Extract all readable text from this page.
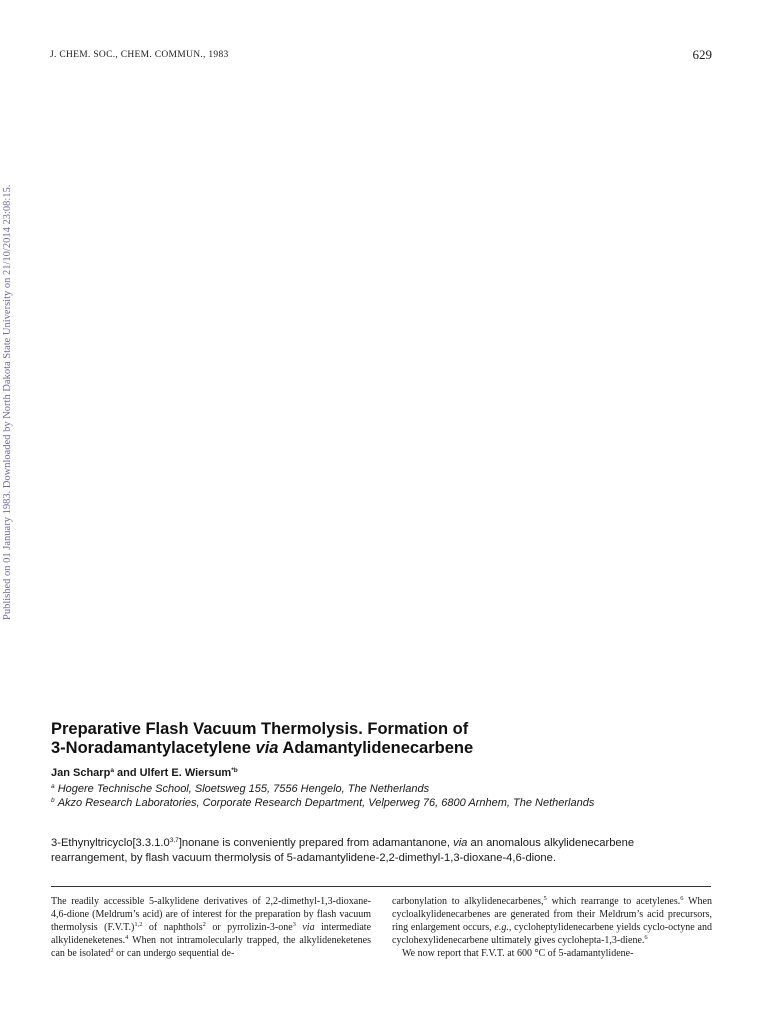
J. CHEM. SOC., CHEM. COMMUN., 1983	629
Published on 01 January 1983. Downloaded by North Dakota State University on 21/10/2014 23:08:15.
Preparative Flash Vacuum Thermolysis. Formation of
3-Noradamantylacetylene via Adamantylidenecarbene
Jan Scharp$^a$ and Ulfert E. Wiersum$^{*b}$
$^a$ Hogere Technische School, Sloetsweg 155, 7556 Hengelo, The Netherlands
$^b$ Akzo Research Laboratories, Corporate Research Department, Velperweg 76, 6800 Arnhem, The Netherlands
3-Ethynyltricyclo[3.3.1.0$^{3,7}$]nonane is conveniently prepared from adamantanone, via an anomalous alkylidenecarbene rearrangement, by flash vacuum thermolysis of 5-adamantylidene-2,2-dimethyl-1,3-dioxane-4,6-dione.

The readily accessible 5-alkylidene derivatives of 2,2-dimethyl-1,3-dioxane-4,6-dione (Meldrum’s acid) are of interest for the preparation by flash vacuum thermolysis $(F.V.T.)^{1,2}$ of naphthols$^2$ or pyrrolizin-3-one$^3$ via intermediate alkylideneketenes.$^4$ When not intramolecularly trapped, the alkylideneketenes can be isolated$^2$ or can undergo sequential de-

carbonylation to alkylidenecarbenes,$^5$ which rearrange to acetylenes.$^6$ When cycloalkylidenecarbenes are generated from their Meldrum’s acid precursors, ring enlargement occurs, e.g., cycloheptylidenecarbene yields cyclo-octyne and cyclohexylidenecarbene ultimately gives cyclohepta-1,3-diene.$^6$
 We now report that F.V.T. at 600 °C of 5-adamantylidene-
